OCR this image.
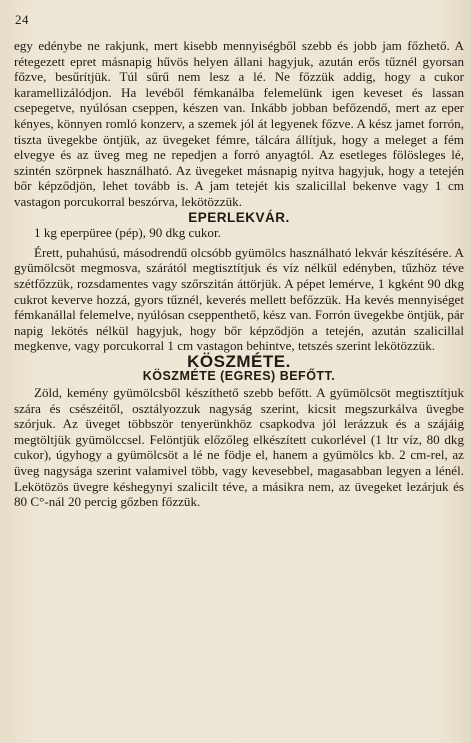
24

egy edénybe ne rakjunk, mert kisebb mennyiségből szebb és jobb jam főzhető. A rétegezett epret másnapig hűvös helyen állani hagyjuk, azután erős tűznél gyorsan főzve, besűrítjük. Túl sűrű nem lesz a lé. Ne főzzük addig, hogy a cukor karamellizálódjon. Ha levéből fémkanálba felemelünk igen keveset és lassan csepegetve, nyúlósan cseppen, készen van. Inkább jobban befőzendő, mert az eper kényes, könnyen romló konzerv, a szemek jól át legyenek főzve. A kész jamet forrón, tiszta üvegekbe öntjük, az üvegeket fémre, tálcára állítjuk, hogy a meleget a fém elvegye és az üveg meg ne repedjen a forró anyagtól. Az esetleges fölösleges lé, szintén szörpnek használható. Az üvegeket másnapig nyitva hagyjuk, hogy a tetején bőr képződjön, lehet tovább is. A jam tetejét kis szalicillal bekenve vagy 1 cm vastagon porcukorral beszórva, lekötözzük.

EPERLEKVÁR.

1 kg eperpüree (pép), 90 dkg cukor.

Érett, puhahúsú, másodrendű olcsóbb gyümölcs használható lekvár készítésére. A gyümölcsöt megmosva, szárától megtisztítjuk és víz nélkül edényben, tűzhöz téve szétfőzzük, rozsdamentes vagy szőrszitán áttörjük. A pépet lemérve, 1 kgként 90 dkg cukrot keverve hozzá, gyors tűznél, keverés mellett befőzzük. Ha kevés mennyiséget fémkanállal felemelve, nyúlósan cseppenthető, kész van. Forrón üvegekbe öntjük, pár napig lekötés nélkül hagyjuk, hogy bőr képződjön a tetején, azután szalicillal megkenve, vagy porcukorral 1 cm vastagon behintve, tetszés szerint lekötözzük.

KÖSZMÉTE.
KÖSZMÉTE (EGRES) BEFŐTT.

Zöld, kemény gyümölcsből készíthető szebb befőtt. A gyümölcsöt megtisztítjuk szára és csészéitől, osztályozzuk nagyság szerint, kicsit megszurkálva üvegbe szórjuk. Az üveget többször tenyerünkhöz csapkodva jól lerázzuk és a szájáig megtöltjük gyümölccsel. Felöntjük előzőleg elkészített cukorlével (1 ltr víz, 80 dkg cukor), úgyhogy a gyümölcsöt a lé ne födje el, hanem a gyümölcs kb. 2 cm-rel, az üveg nagysága szerint valamivel több, vagy kevesebbel, magasabban legyen a lénél. Lekötözös üvegre késhegynyi szalicilt téve, a másikra nem, az üvegeket lezárjuk és 80 C°-nál 20 percig gőzben főzzük.
